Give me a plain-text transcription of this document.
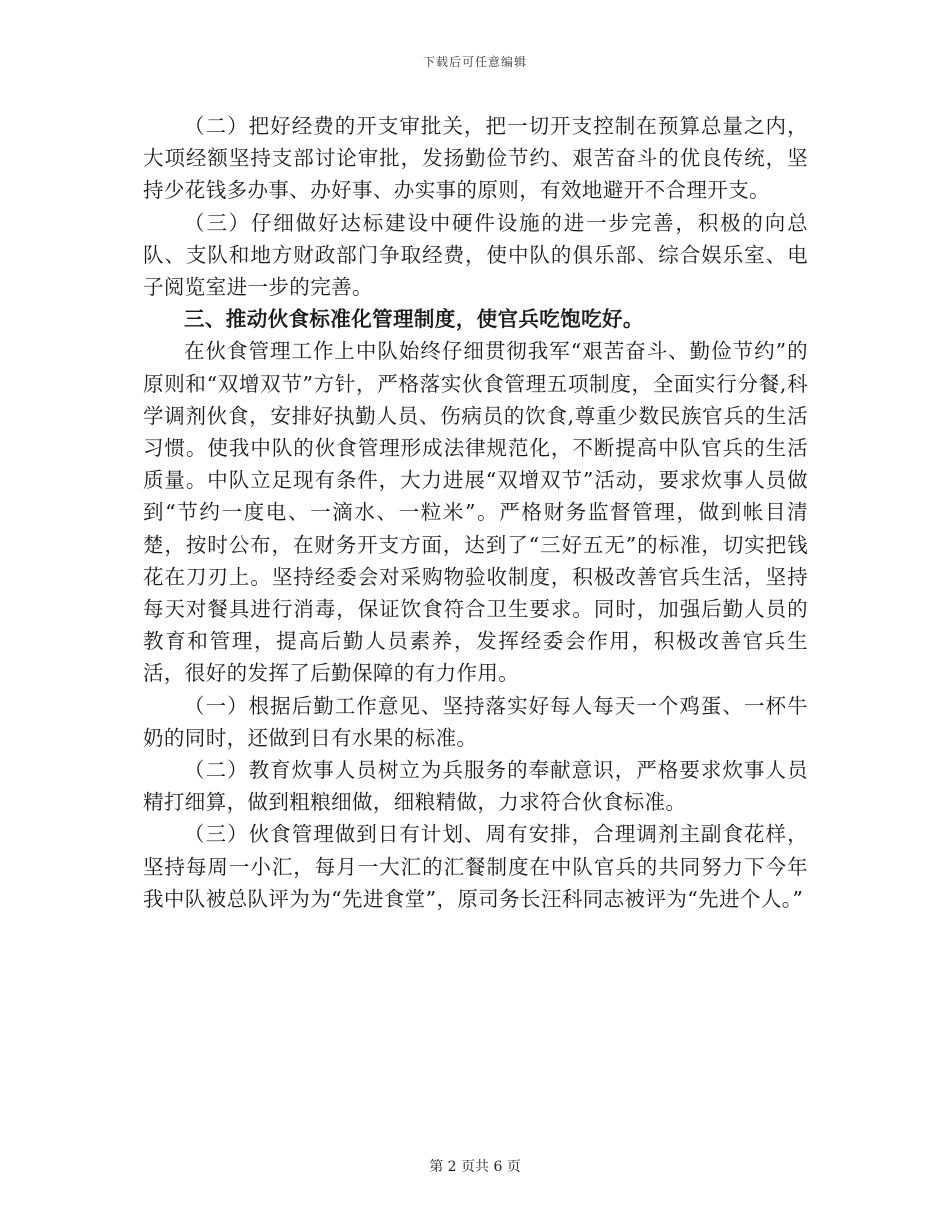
下载后可任意编辑

（二）把好经费的开支审批关，把一切开支控制在预算总量之内，大项经额坚持支部讨论审批，发扬勤俭节约、艰苦奋斗的优良传统，坚持少花钱多办事、办好事、办实事的原则，有效地避开不合理开支。

（三）仔细做好达标建设中硬件设施的进一步完善，积极的向总队、支队和地方财政部门争取经费，使中队的俱乐部、综合娱乐室、电子阅览室进一步的完善。

三、推动伙食标准化管理制度，使官兵吃饱吃好。

在伙食管理工作上中队始终仔细贯彻我军“艰苦奋斗、勤俭节约”的原则和“双增双节”方针，严格落实伙食管理五项制度，全面实行分餐,科学调剂伙食，安排好执勤人员、伤病员的饮食,尊重少数民族官兵的生活习惯。使我中队的伙食管理形成法律规范化，不断提高中队官兵的生活质量。中队立足现有条件，大力进展“双增双节”活动，要求炊事人员做到“节约一度电、一滴水、一粒米”。严格财务监督管理，做到帐目清楚，按时公布，在财务开支方面，达到了“三好五无”的标准，切实把钱花在刀刃上。坚持经委会对采购物验收制度，积极改善官兵生活，坚持每天对餐具进行消毒，保证饮食符合卫生要求。同时，加强后勤人员的教育和管理，提高后勤人员素养，发挥经委会作用，积极改善官兵生活，很好的发挥了后勤保障的有力作用。

（一）根据后勤工作意见、坚持落实好每人每天一个鸡蛋、一杯牛奶的同时，还做到日有水果的标准。

（二）教育炊事人员树立为兵服务的奉献意识，严格要求炊事人员精打细算，做到粗粮细做，细粮精做，力求符合伙食标准。

（三）伙食管理做到日有计划、周有安排，合理调剂主副食花样，坚持每周一小汇，每月一大汇的汇餐制度在中队官兵的共同努力下今年我中队被总队评为为“先进食堂”，原司务长汪科同志被评为“先进个人。”

第 2 页共 6 页
